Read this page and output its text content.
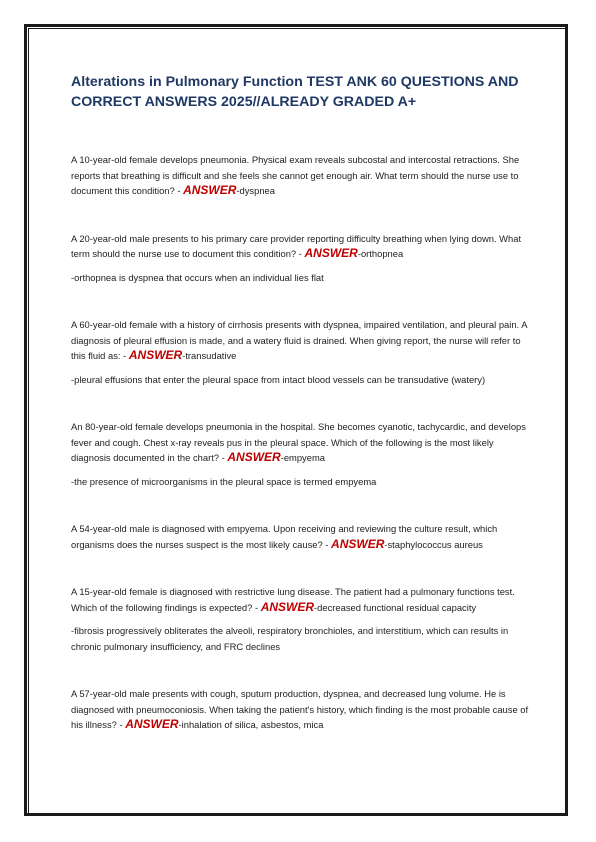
Alterations in Pulmonary Function TEST ANK 60 QUESTIONS AND CORRECT ANSWERS 2025//ALREADY GRADED A+

A 10-year-old female develops pneumonia. Physical exam reveals subcostal and intercostal retractions. She reports that breathing is difficult and she feels she cannot get enough air. What term should the nurse use to document this condition? - ANSWER-dyspnea

A 20-year-old male presents to his primary care provider reporting difficulty breathing when lying down. What term should the nurse use to document this condition? - ANSWER-orthopnea

-orthopnea is dyspnea that occurs when an individual lies flat

A 60-year-old female with a history of cirrhosis presents with dyspnea, impaired ventilation, and pleural pain. A diagnosis of pleural effusion is made, and a watery fluid is drained. When giving report, the nurse will refer to this fluid as: - ANSWER-transudative

-pleural effusions that enter the pleural space from intact blood vessels can be transudative (watery)

An 80-year-old female develops pneumonia in the hospital. She becomes cyanotic, tachycardic, and develops fever and cough. Chest x-ray reveals pus in the pleural space. Which of the following is the most likely diagnosis documented in the chart? - ANSWER-empyema

-the presence of microorganisms in the pleural space is termed empyema

A 54-year-old male is diagnosed with empyema. Upon receiving and reviewing the culture result, which organisms does the nurses suspect is the most likely cause? - ANSWER-staphylococcus aureus

A 15-year-old female is diagnosed with restrictive lung disease. The patient had a pulmonary functions test. Which of the following findings is expected? - ANSWER-decreased functional residual capacity

-fibrosis progressively obliterates the alveoli, respiratory bronchioles, and interstitium, which can results in chronic pulmonary insufficiency, and FRC declines

A 57-year-old male presents with cough, sputum production, dyspnea, and decreased lung volume. He is diagnosed with pneumoconiosis. When taking the patient's history, which finding is the most probable cause of his illness? - ANSWER-inhalation of silica, asbestos, mica
